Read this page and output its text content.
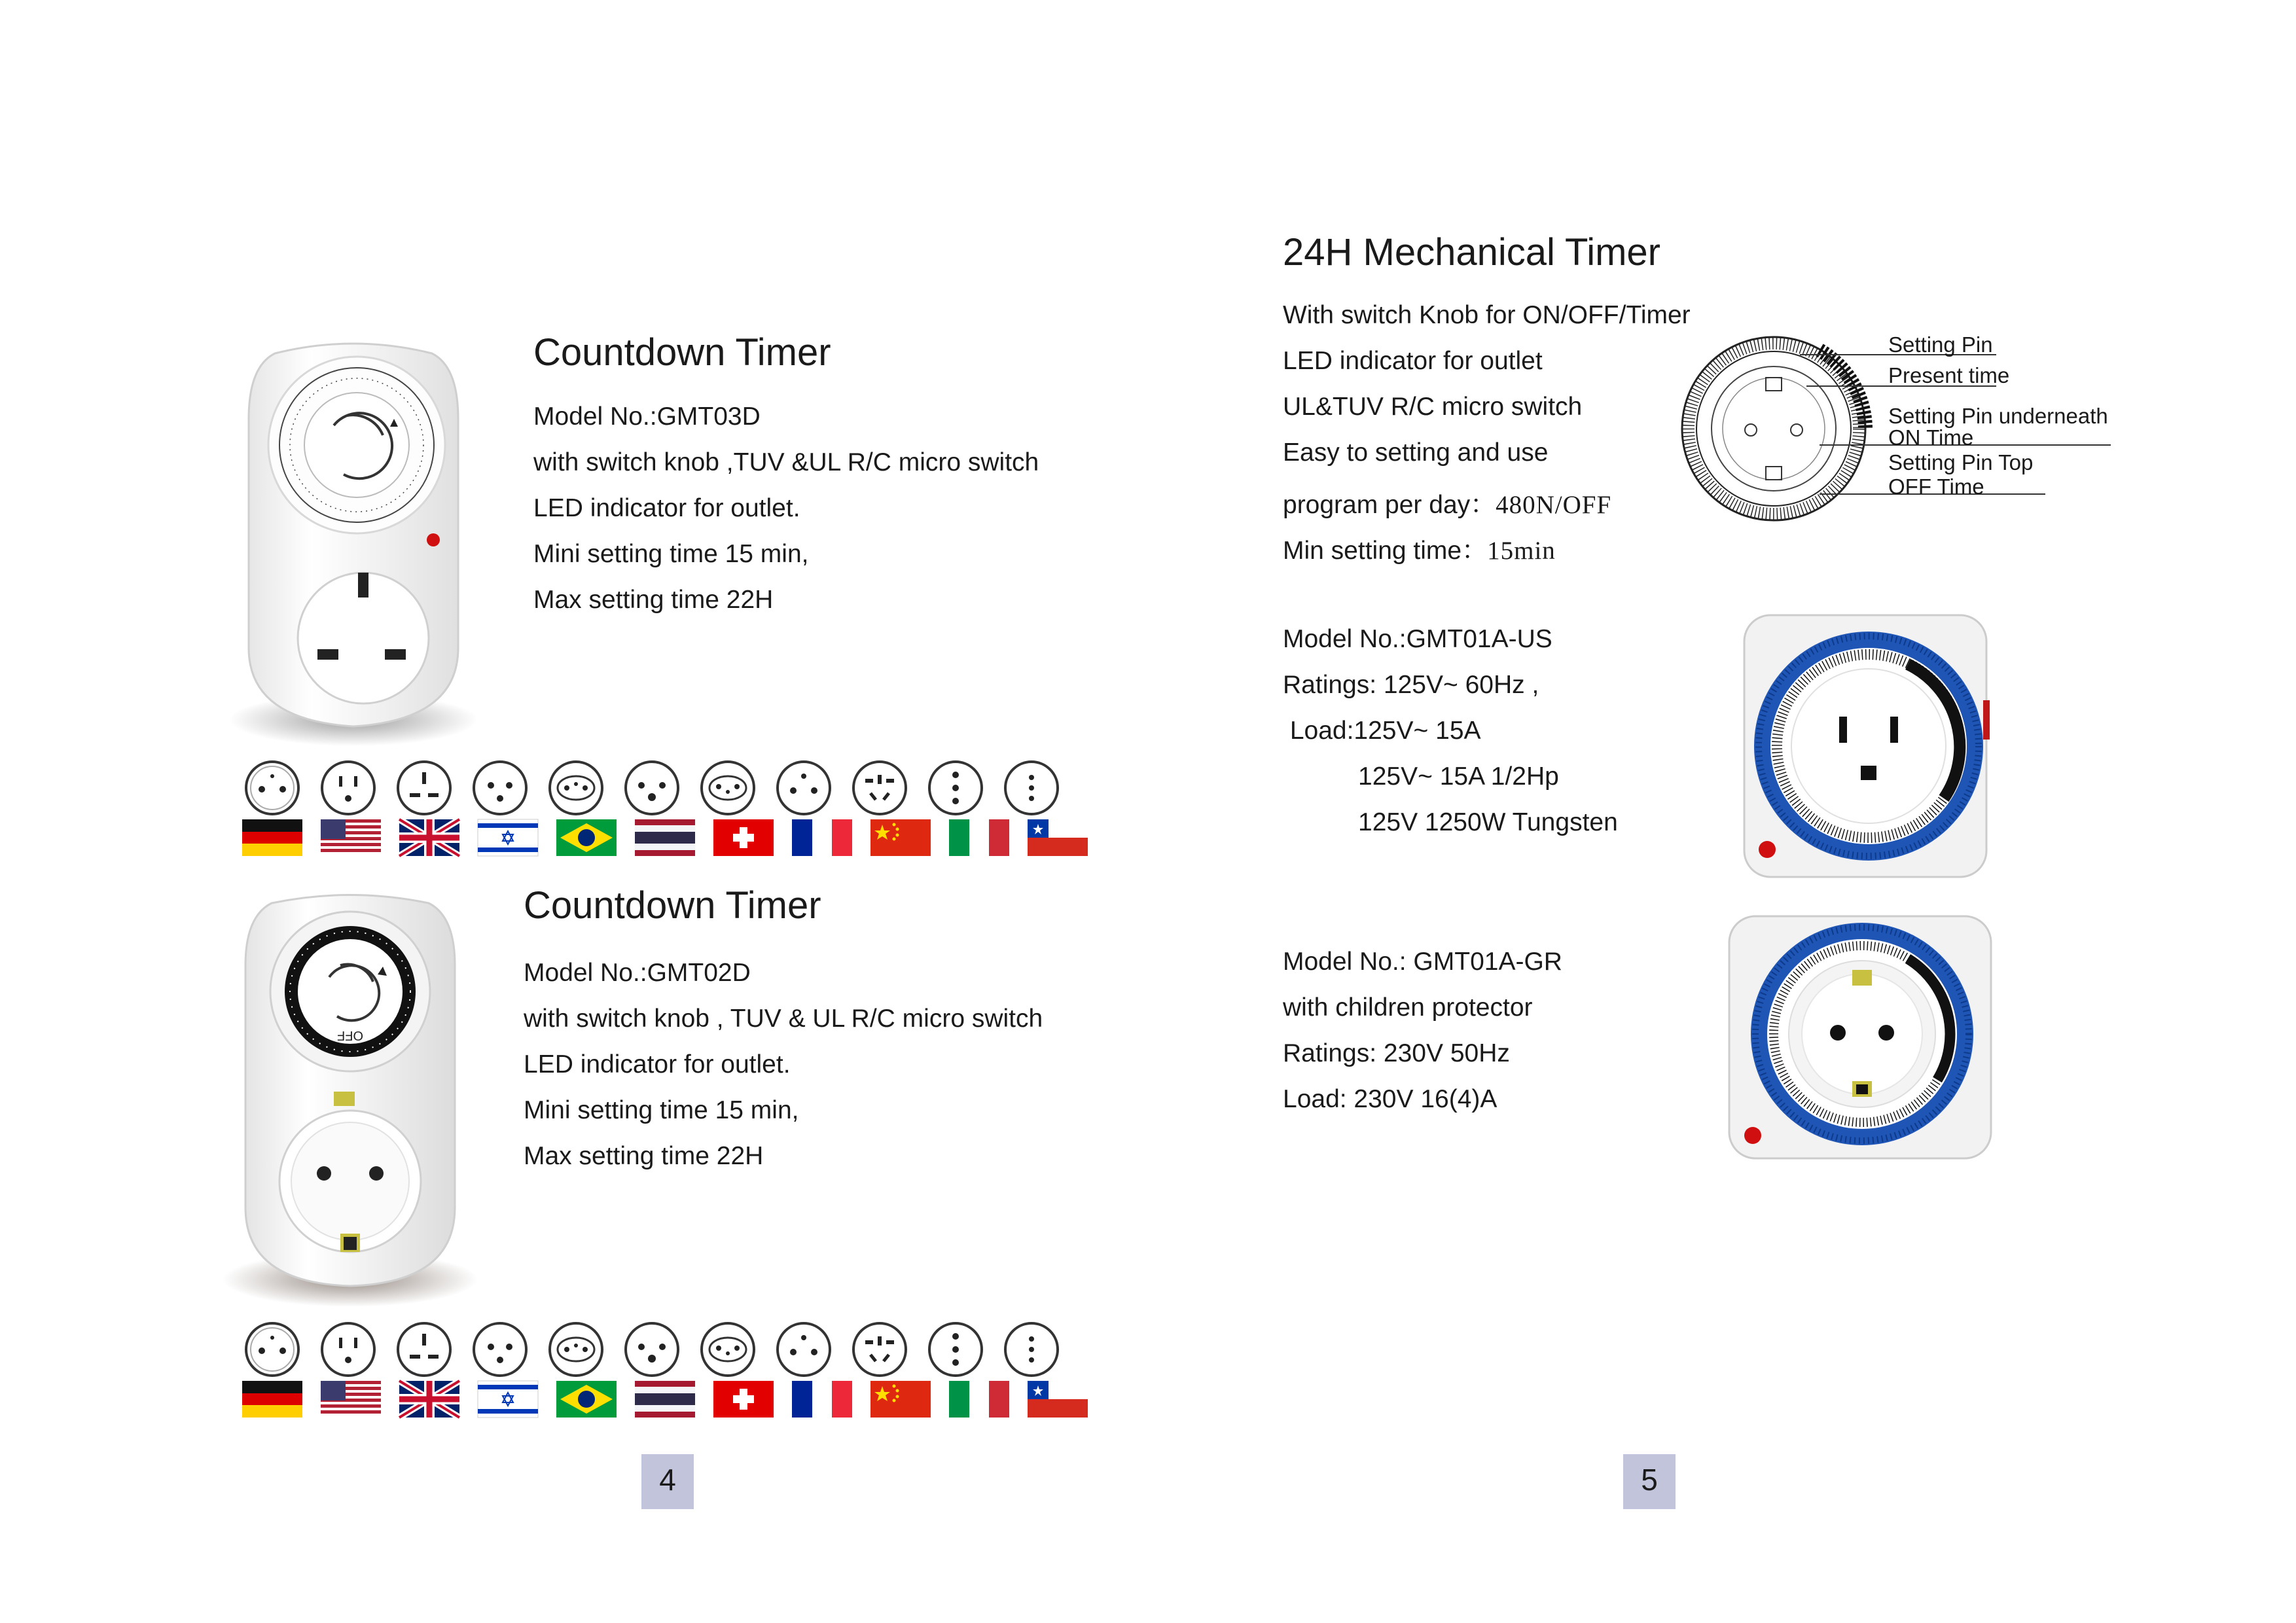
Countdown Timer
Model No.:GMT03D
with switch knob ,TUV &UL R/C micro switch
LED indicator for outlet.
Mini setting time 15 min,
Max setting time 22H
OFF
Countdown Timer
Model No.:GMT02D
with switch knob , TUV & UL R/C micro switch
LED indicator for outlet.
Mini setting time 15 min,
Max setting time 22H
4
24H Mechanical Timer
With switch Knob for ON/OFF/Timer
LED indicator for outlet
UL&TUV R/C micro switch
Easy to setting and use
program per day：480N/OFF
Min setting time：15min
Setting Pin
Present time
Setting Pin underneath
ON Time
Setting Pin Top
OFF Time
Model No.:GMT01A-US
Ratings: 125V~ 60Hz ,
Load:125V~ 15A
125V~ 15A 1/2Hp
125V 1250W Tungsten
Model No.: GMT01A-GR
with children protector
Ratings: 230V 50Hz
Load: 230V 16(4)A
5
